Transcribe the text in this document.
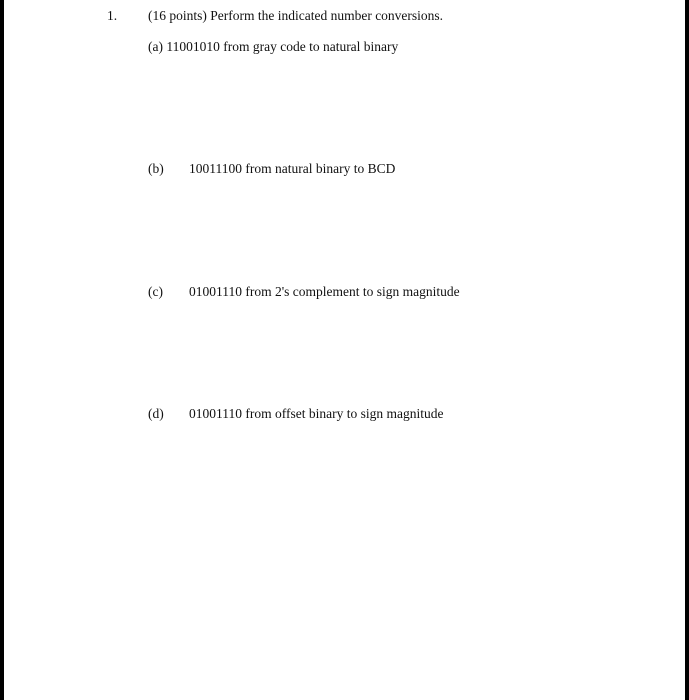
1. (16 points) Perform the indicated number conversions.
(a) 11001010 from gray code to natural binary
(b) 10011100 from natural binary to BCD
(c) 01001110 from 2's complement to sign magnitude
(d) 01001110 from offset binary to sign magnitude
